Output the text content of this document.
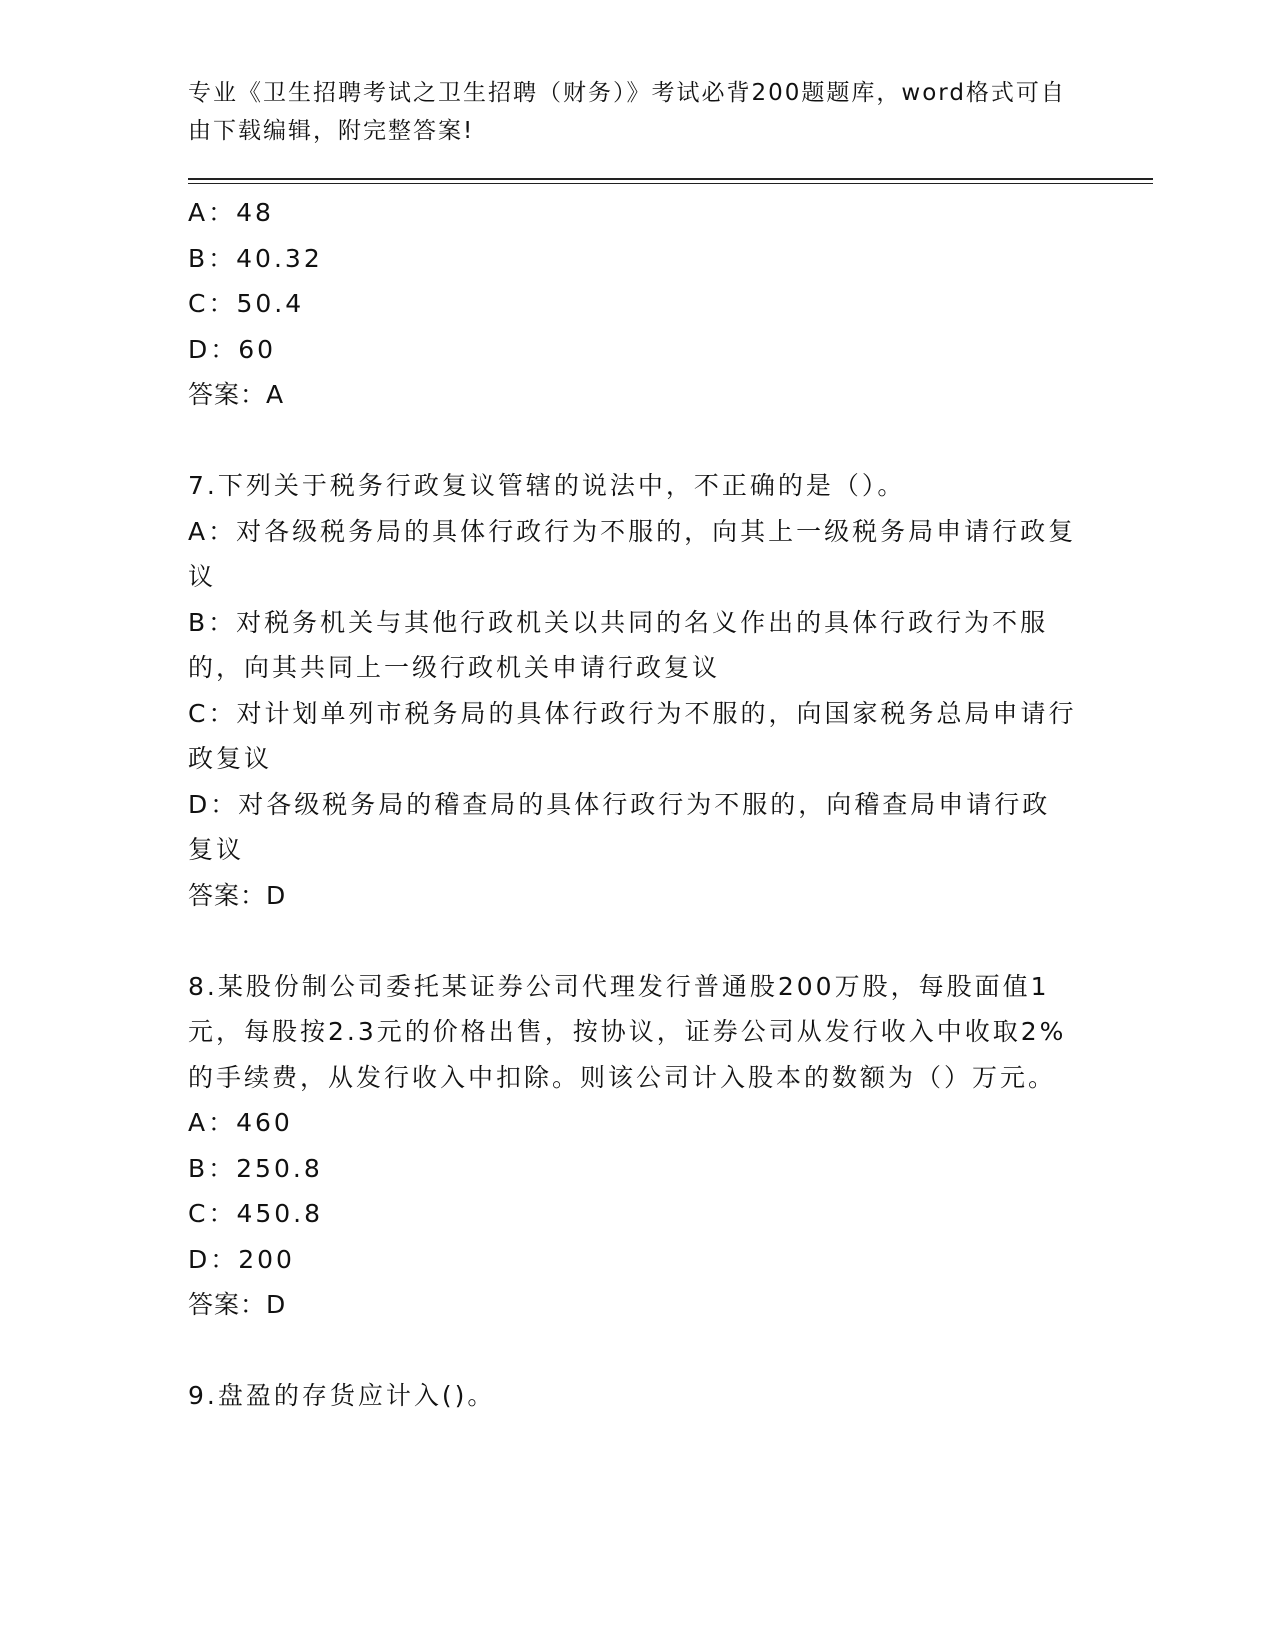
专业《卫生招聘考试之卫生招聘（财务）》考试必背200题题库，word格式可自由下载编辑，附完整答案!
A：48
B：40.32
C：50.4
D：60
答案：A
7.下列关于税务行政复议管辖的说法中，不正确的是（）。
A：对各级税务局的具体行政行为不服的，向其上一级税务局申请行政复议
B：对税务机关与其他行政机关以共同的名义作出的具体行政行为不服的，向其共同上一级行政机关申请行政复议
C：对计划单列市税务局的具体行政行为不服的，向国家税务总局申请行政复议
D：对各级税务局的稽查局的具体行政行为不服的，向稽查局申请行政复议
答案：D
8.某股份制公司委托某证券公司代理发行普通股200万股，每股面值1元，每股按2.3元的价格出售，按协议，证券公司从发行收入中收取2%的手续费，从发行收入中扣除。则该公司计入股本的数额为（）万元。
A：460
B：250.8
C：450.8
D：200
答案：D
9.盘盈的存货应计入()。
